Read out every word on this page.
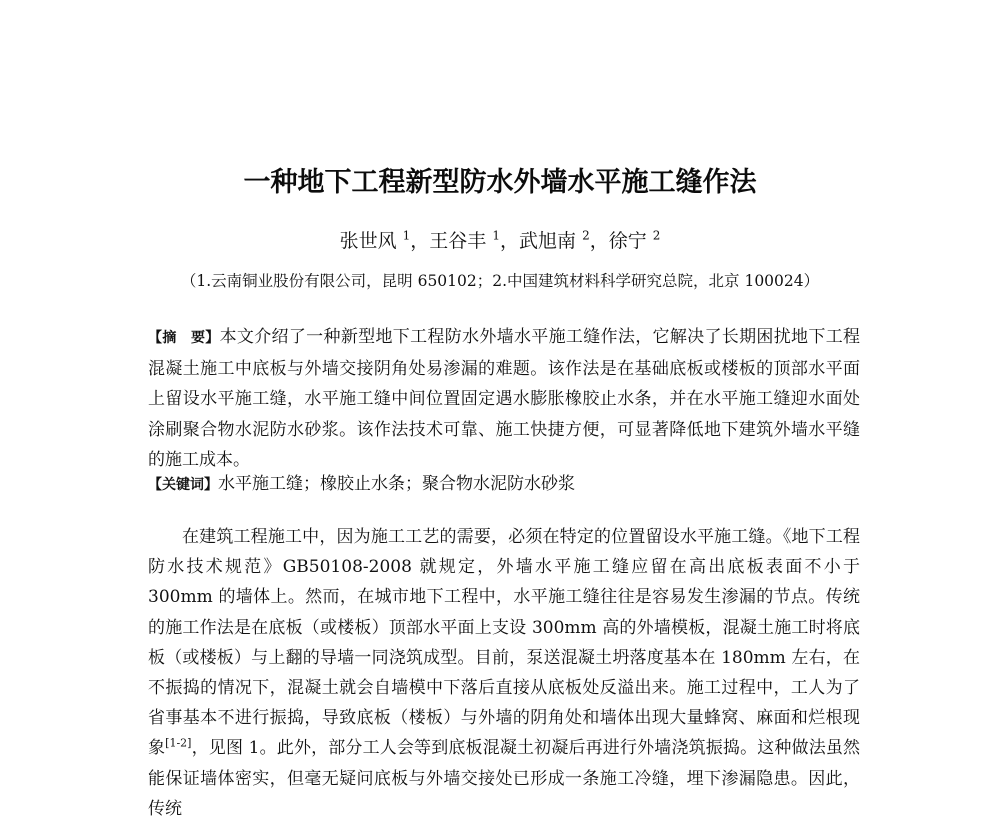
一种地下工程新型防水外墙水平施工缝作法
张世风 $^1$，王谷丰 $^1$，武旭南 $^2$，徐宁 $^2$
（1.云南铜业股份有限公司，昆明 650102；2.中国建筑材料科学研究总院，北京 100024）
【摘　要】本文介绍了一种新型地下工程防水外墙水平施工缝作法，它解决了长期困扰地下工程混凝土施工中底板与外墙交接阴角处易渗漏的难题。该作法是在基础底板或楼板的顶部水平面上留设水平施工缝，水平施工缝中间位置固定遇水膨胀橡胶止水条，并在水平施工缝迎水面处涂刷聚合物水泥防水砂浆。该作法技术可靠、施工快捷方便，可显著降低地下建筑外墙水平缝的施工成本。
【关键词】水平施工缝；橡胶止水条；聚合物水泥防水砂浆
在建筑工程施工中，因为施工工艺的需要，必须在特定的位置留设水平施工缝。《地下工程防水技术规范》GB50108-2008 就规定，外墙水平施工缝应留在高出底板表面不小于 300mm 的墙体上。然而，在城市地下工程中，水平施工缝往往是容易发生渗漏的节点。传统的施工作法是在底板（或楼板）顶部水平面上支设 300mm 高的外墙模板，混凝土施工时将底板（或楼板）与上翻的导墙一同浇筑成型。目前，泵送混凝土坍落度基本在 180mm 左右，在不振捣的情况下，混凝土就会自墙模中下落后直接从底板处反溢出来。施工过程中，工人为了省事基本不进行振捣，导致底板（楼板）与外墙的阴角处和墙体出现大量蜂窝、麻面和烂根现象[1-2]，见图 1。此外，部分工人会等到底板混凝土初凝后再进行外墙浇筑振捣。这种做法虽然能保证墙体密实，但毫无疑问底板与外墙交接处已形成一条施工冷缝，埋下渗漏隐患。因此，传统
